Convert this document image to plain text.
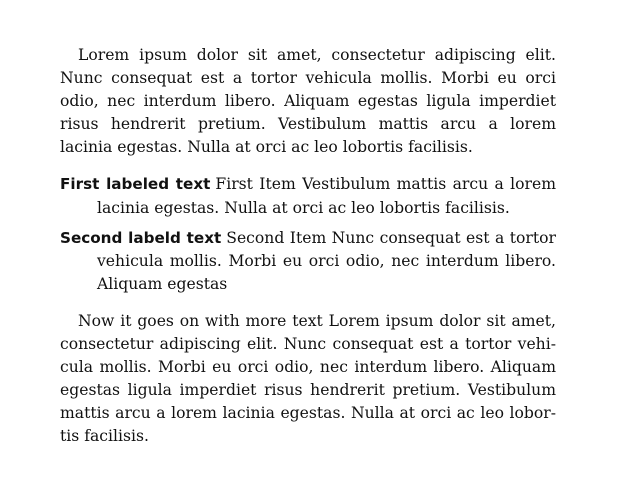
Lorem ipsum dolor sit amet, consectetur adipiscing elit. Nunc consequat est a tortor vehicula mollis. Morbi eu orci odio, nec interdum libero. Aliquam egestas ligula imperdiet risus hendrerit pretium. Vestibulum mattis arcu a lorem lacinia egestas. Nulla at orci ac leo lobortis facilisis.

First labeled text First Item Vestibulum mattis arcu a lorem lacinia egestas. Nulla at orci ac leo lobortis facilisis.

Second labeld text Second Item Nunc consequat est a tortor vehicula mollis. Morbi eu orci odio, nec interdum libero. Aliquam egestas

Now it goes on with more text Lorem ipsum dolor sit amet, consectetur adipiscing elit. Nunc consequat est a tortor vehicula mollis. Morbi eu orci odio, nec interdum libero. Aliquam egestas ligula imperdiet risus hendrerit pretium. Vestibulum mattis arcu a lorem lacinia egestas. Nulla at orci ac leo lobortis facilisis.
